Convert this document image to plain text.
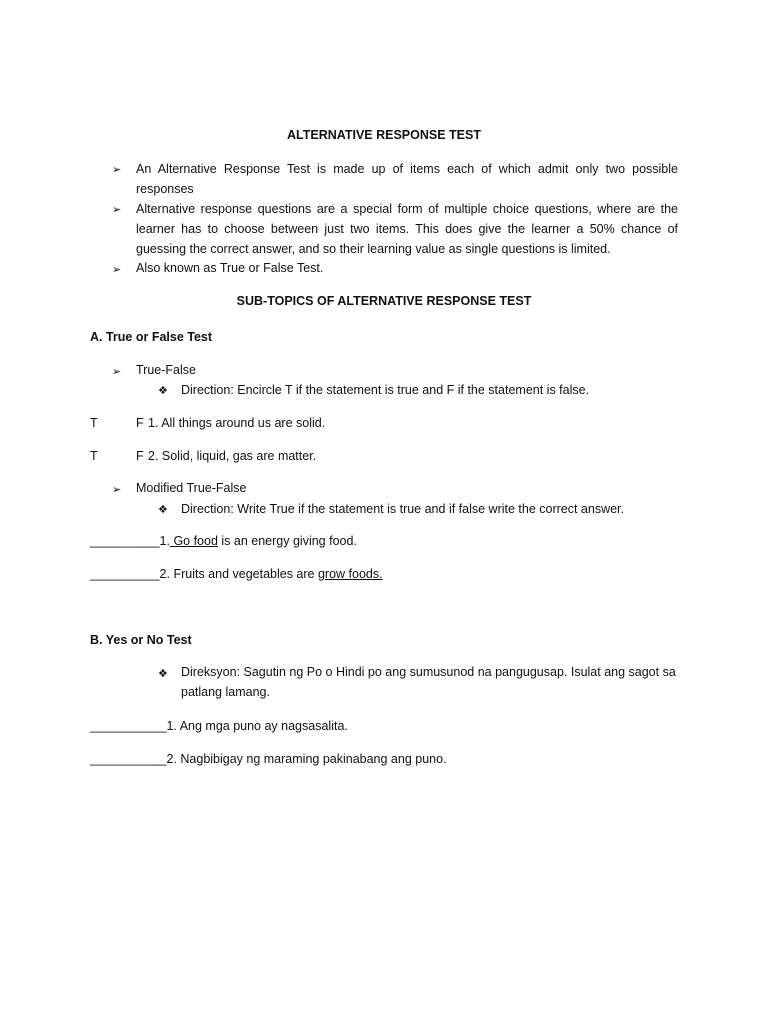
ALTERNATIVE RESPONSE TEST
➢ An Alternative Response Test is made up of items each of which admit only two possible responses
➢ Alternative response questions are a special form of multiple choice questions, where are the learner has to choose between just two items. This does give the learner a 50% chance of guessing the correct answer, and so their learning value as single questions is limited.
➢ Also known as True or False Test.
SUB-TOPICS OF ALTERNATIVE RESPONSE TEST
A. True or False Test
➢ True-False
❖ Direction: Encircle T if the statement is true and F if the statement is false.
T	F 1. All things around us are solid.
T	F 2. Solid, liquid, gas are matter.
➢ Modified True-False
❖ Direction: Write True if the statement is true and if false write the correct answer.
__________1. Go food is an energy giving food.
__________2. Fruits and vegetables are grow foods.
B. Yes or No Test
❖ Direksyon: Sagutin ng Po o Hindi po ang sumusunod na pangugusap. Isulat ang sagot sa patlang lamang.
___________1. Ang mga puno ay nagsasalita.
___________2. Nagbibigay ng maraming pakinabang ang puno.
